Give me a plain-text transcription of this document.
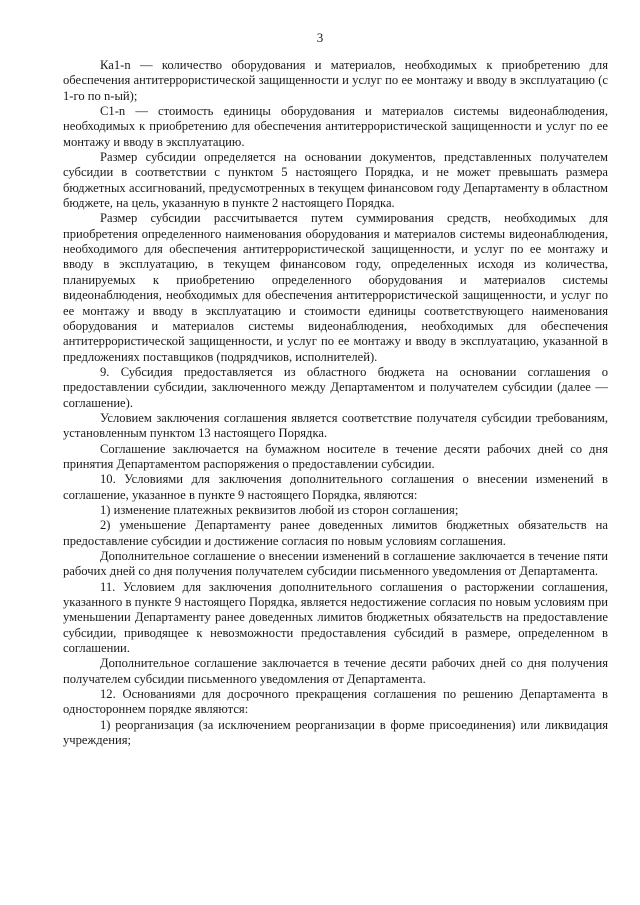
3

Ка1-n — количество оборудования и материалов, необходимых к приобретению для обеспечения антитеррористической защищенности и услуг по ее монтажу и вводу в эксплуатацию (с 1-го по n-ый);

С1-n — стоимость единицы оборудования и материалов системы видеонаблюдения, необходимых к приобретению для обеспечения антитеррористической защищенности и услуг по ее монтажу и вводу в эксплуатацию.

Размер субсидии определяется на основании документов, представленных получателем субсидии в соответствии с пунктом 5 настоящего Порядка, и не может превышать размера бюджетных ассигнований, предусмотренных в текущем финансовом году Департаменту в областном бюджете, на цель, указанную в пункте 2 настоящего Порядка.

Размер субсидии рассчитывается путем суммирования средств, необходимых для приобретения определенного наименования оборудования и материалов системы видеонаблюдения, необходимого для обеспечения антитеррористической защищенности, и услуг по ее монтажу и вводу в эксплуатацию, в текущем финансовом году, определенных исходя из количества, планируемых к приобретению определенного оборудования и материалов системы видеонаблюдения, необходимых для обеспечения антитеррористической защищенности, и услуг по ее монтажу и вводу в эксплуатацию и стоимости единицы соответствующего наименования оборудования и материалов системы видеонаблюдения, необходимых для обеспечения антитеррористической защищенности, и услуг по ее монтажу и вводу в эксплуатацию, указанной в предложениях поставщиков (подрядчиков, исполнителей).

9. Субсидия предоставляется из областного бюджета на основании соглашения о предоставлении субсидии, заключенного между Департаментом и получателем субсидии (далее — соглашение).

Условием заключения соглашения является соответствие получателя субсидии требованиям, установленным пунктом 13 настоящего Порядка.

Соглашение заключается на бумажном носителе в течение десяти рабочих дней со дня принятия Департаментом распоряжения о предоставлении субсидии.

10. Условиями для заключения дополнительного соглашения о внесении изменений в соглашение, указанное в пункте 9 настоящего Порядка, являются:

1) изменение платежных реквизитов любой из сторон соглашения;

2) уменьшение Департаменту ранее доведенных лимитов бюджетных обязательств на предоставление субсидии и достижение согласия по новым условиям соглашения.

Дополнительное соглашение о внесении изменений в соглашение заключается в течение пяти рабочих дней со дня получения получателем субсидии письменного уведомления от Департамента.

11. Условием для заключения дополнительного соглашения о расторжении соглашения, указанного в пункте 9 настоящего Порядка, является недостижение согласия по новым условиям при уменьшении Департаменту ранее доведенных лимитов бюджетных обязательств на предоставление субсидии, приводящее к невозможности предоставления субсидий в размере, определенном в соглашении.

Дополнительное соглашение заключается в течение десяти рабочих дней со дня получения получателем субсидии письменного уведомления от Департамента.

12. Основаниями для досрочного прекращения соглашения по решению Департамента в одностороннем порядке являются:

1) реорганизация (за исключением реорганизации в форме присоединения) или ликвидация учреждения;
